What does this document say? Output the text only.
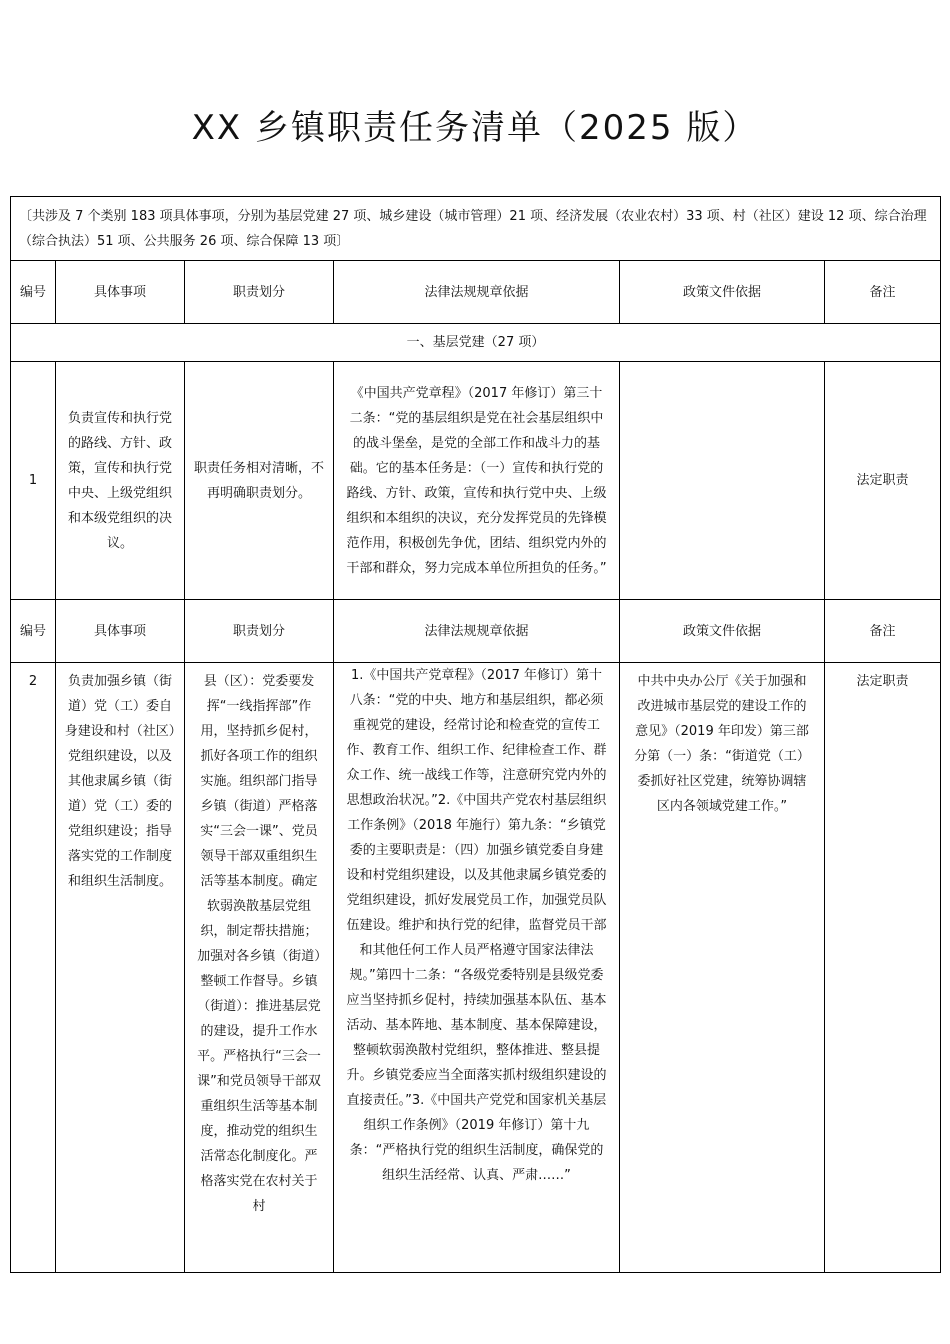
XX 乡镇职责任务清单（2025 版）
〔共涉及 7 个类别 183 项具体事项，分别为基层党建 27 项、城乡建设（城市管理）21 项、经济发展（农业农村）33 项、村（社区）建设 12 项、综合治理（综合执法）51 项、公共服务 26 项、综合保障 13 项〕					
编号	具体事项	职责划分	法律法规规章依据	政策文件依据	备注
一、基层党建（27 项）					
1	负责宣传和执行党的路线、方针、政策，宣传和执行党中央、上级党组织和本级党组织的决议。	职责任务相对清晰，不再明确职责划分。	《中国共产党章程》（2017 年修订）第三十二条：“党的基层组织是党在社会基层组织中的战斗堡垒，是党的全部工作和战斗力的基础。它的基本任务是：（一）宣传和执行党的路线、方针、政策，宣传和执行党中央、上级组织和本组织的决议，充分发挥党员的先锋模范作用，积极创先争优，团结、组织党内外的干部和群众，努力完成本单位所担负的任务。”		法定职责
编号	具体事项	职责划分	法律法规规章依据	政策文件依据	备注
2	负责加强乡镇（街道）党（工）委自身建设和村（社区）党组织建设，以及其他隶属乡镇（街道）党（工）委的党组织建设；指导落实党的工作制度和组织生活制度。	县（区）：党委要发挥“一线指挥部”作用，坚持抓乡促村，抓好各项工作的组织实施。组织部门指导乡镇（街道）严格落实“三会一课”、党员领导干部双重组织生活等基本制度。确定软弱涣散基层党组织，制定帮扶措施；加强对各乡镇（街道）整顿工作督导。乡镇（街道）：推进基层党的建设，提升工作水平。严格执行“三会一课”和党员领导干部双重组织生活等基本制度，推动党的组织生活常态化制度化。严格落实党在农村关于村	1.《中国共产党章程》（2017 年修订）第十八条：“党的中央、地方和基层组织，都必须重视党的建设，经常讨论和检查党的宣传工作、教育工作、组织工作、纪律检查工作、群众工作、统一战线工作等，注意研究党内外的思想政治状况。”2.《中国共产党农村基层组织工作条例》（2018 年施行）第九条：“乡镇党委的主要职责是：（四）加强乡镇党委自身建设和村党组织建设，以及其他隶属乡镇党委的党组织建设，抓好发展党员工作，加强党员队伍建设。维护和执行党的纪律，监督党员干部和其他任何工作人员严格遵守国家法律法规。”第四十二条：“各级党委特别是县级党委应当坚持抓乡促村，持续加强基本队伍、基本活动、基本阵地、基本制度、基本保障建设，整顿软弱涣散村党组织，整体推进、整县提升。乡镇党委应当全面落实抓村级组织建设的直接责任。”3.《中国共产党党和国家机关基层组织工作条例》（2019 年修订）第十九条：“严格执行党的组织生活制度，确保党的组织生活经常、认真、严肃……”	中共中央办公厅《关于加强和改进城市基层党的建设工作的意见》（2019 年印发）第三部分第（一）条：“街道党（工）委抓好社区党建，统筹协调辖区内各领域党建工作。”	法定职责
